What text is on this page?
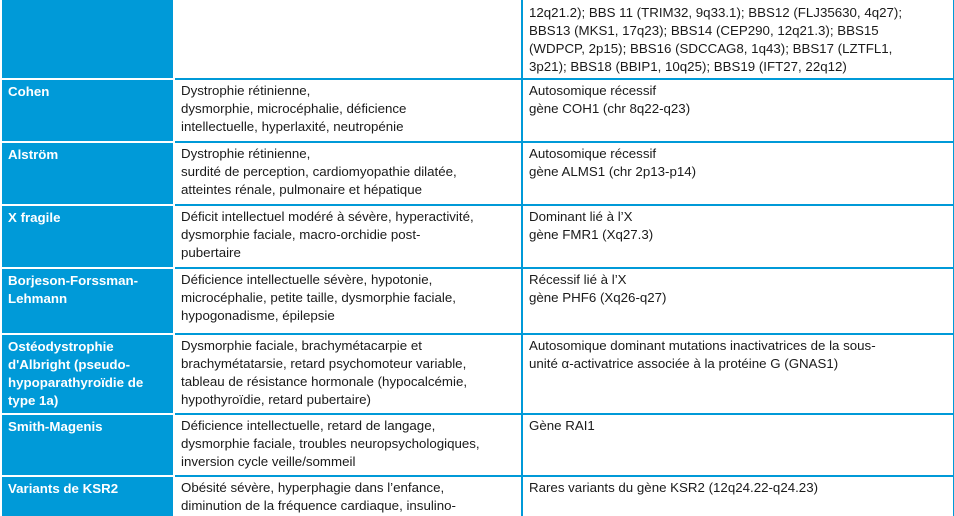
		12q21.2); BBS 11 (TRIM32, 9q33.1); BBS12 (FLJ35630, 4q27);
BBS13 (MKS1, 17q23); BBS14 (CEP290, 12q21.3); BBS15
(WDPCP, 2p15); BBS16 (SDCCAG8, 1q43); BBS17 (LZTFL1,
3p21); BBS18 (BBIP1, 10q25); BBS19 (IFT27, 22q12)

Cohen	Dystrophie rétinienne,
dysmorphie, microcéphalie, déficience
intellectuelle, hyperlaxité, neutropénie	Autosomique récessif
gène COH1 (chr 8q22-q23)

Alström	Dystrophie rétinienne,
surdité de perception, cardiomyopathie dilatée,
atteintes rénale, pulmonaire et hépatique	Autosomique récessif
gène ALMS1 (chr 2p13-p14)

X fragile	Déficit intellectuel modéré à sévère, hyperactivité,
dysmorphie faciale, macro-orchidie post-
pubertaire	Dominant lié à l’X
gène FMR1 (Xq27.3)

Borjeson-Forssman-
Lehmann	Déficience intellectuelle sévère, hypotonie,
microcéphalie, petite taille, dysmorphie faciale,
hypogonadisme, épilepsie	Récessif lié à l’X
gène PHF6 (Xq26-q27)

Ostéodystrophie
d'Albright (pseudo-
hypoparathyroïdie de
type 1a)	Dysmorphie faciale, brachymétacarpie et
brachymétatarsie, retard psychomoteur variable,
tableau de résistance hormonale (hypocalcémie,
hypothyroïdie, retard pubertaire)	Autosomique dominant mutations inactivatrices de la sous-
unité α-activatrice associée à la protéine G (GNAS1)

Smith-Magenis	Déficience intellectuelle, retard de langage,
dysmorphie faciale, troubles neuropsychologiques,
inversion cycle veille/sommeil	Gène RAI1

Variants de KSR2	Obésité sévère, hyperphagie dans l’enfance,
diminution de la fréquence cardiaque, insulino-	Rares variants du gène KSR2 (12q24.22-q24.23)
